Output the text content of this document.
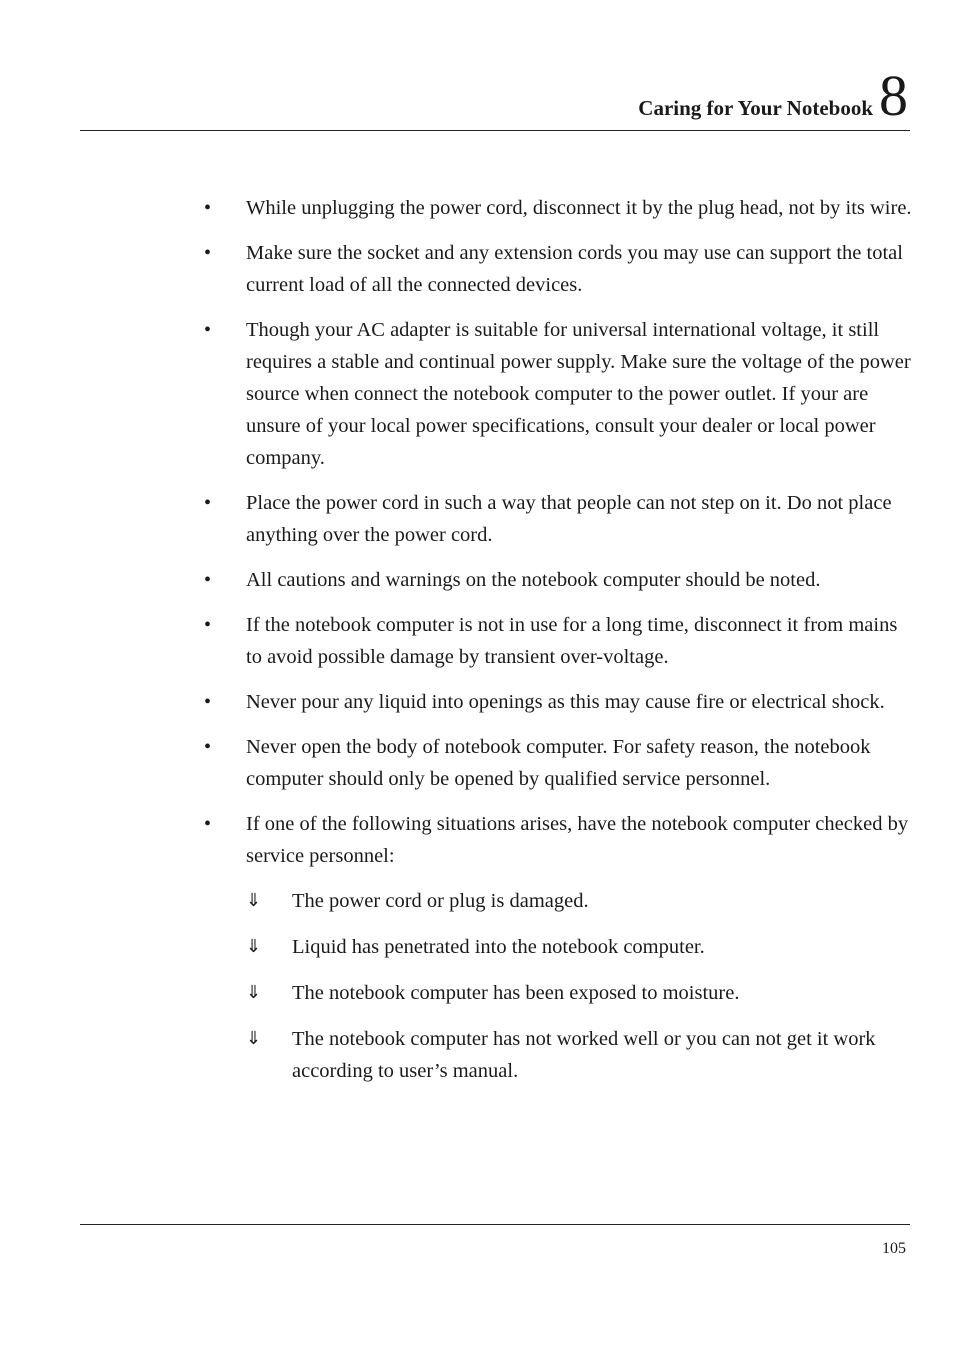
Caring for Your Notebook 8
• While unplugging the power cord, disconnect it by the plug head, not by its wire.
• Make sure the socket and any extension cords you may use can support the total current load of all the connected devices.
• Though your AC adapter is suitable for universal international voltage, it still requires a stable and continual power supply. Make sure the voltage of the power source when connect the notebook computer to the power outlet. If your are unsure of your local power specifications, consult your dealer or local power company.
• Place the power cord in such a way that people can not step on it. Do not place anything over the power cord.
• All cautions and warnings on the notebook computer should be noted.
• If the notebook computer is not in use for a long time, disconnect it from mains to avoid possible damage by transient over-voltage.
• Never pour any liquid into openings as this may cause fire or electrical shock.
• Never open the body of notebook computer. For safety reason, the notebook computer should only be opened by qualified service personnel.
• If one of the following situations arises, have the notebook computer checked by service personnel:
⇓ The power cord or plug is damaged.
⇓ Liquid has penetrated into the notebook computer.
⇓ The notebook computer has been exposed to moisture.
⇓ The notebook computer has not worked well or you can not get it work according to user’s manual.
105
